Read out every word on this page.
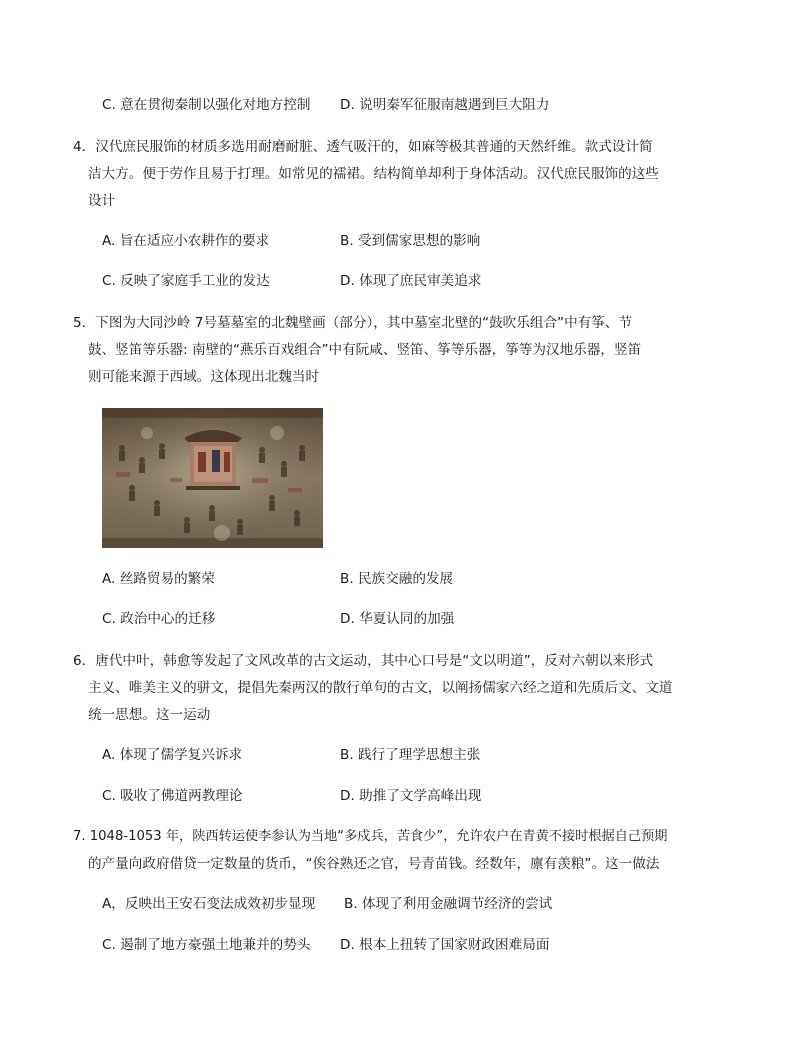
C. 意在贯彻秦制以强化对地方控制 D. 说明秦军征服南越遇到巨大阻力
4．汉代庶民服饰的材质多选用耐磨耐脏、透气吸汗的，如麻等极其普通的天然纤维。款式设计简
洁大方。便于劳作且易于打理。如常见的襦裙。结构简单却利于身体活动。汉代庶民服饰的这些
设计
A. 旨在适应小农耕作的要求	B. 受到儒家思想的影响
C. 反映了家庭手工业的发达	D. 体现了庶民审美追求
5．下图为大同沙岭 7号墓墓室的北魏壁画（部分），其中墓室北壁的“鼓吹乐组合”中有筝、节
鼓、竖笛等乐器: 南壁的“燕乐百戏组合”中有阮咸、竖笛、筝等乐器，筝等为汉地乐器，竖笛
则可能来源于西域。这体现出北魏当时
A. 丝路贸易的繁荣	B. 民族交融的发展
C. 政治中心的迁移	D. 华夏认同的加强
6．唐代中叶，韩愈等发起了文风改革的古文运动，其中心口号是“文以明道”，反对六朝以来形式
主义、唯美主义的骈文，提倡先秦两汉的散行单句的古文，以阐扬儒家六经之道和先质后文、文道
统一思想。这一运动
A. 体现了儒学复兴诉求	B. 践行了理学思想主张
C. 吸收了佛道两教理论	D. 助推了文学高峰出现
7. 1048-1053 年，陕西转运使李参认为当地“多戍兵，苦食少”，允许农户在青黄不接时根据自己预期
的产量向政府借贷一定数量的货币，“俟谷熟还之官，号青苗钱。经数年，廪有羡粮”。这一做法
A，反映出王安石变法成效初步显现 B. 体现了利用金融调节经济的尝试
C. 遏制了地方豪强土地兼并的势头 D. 根本上扭转了国家财政困难局面
